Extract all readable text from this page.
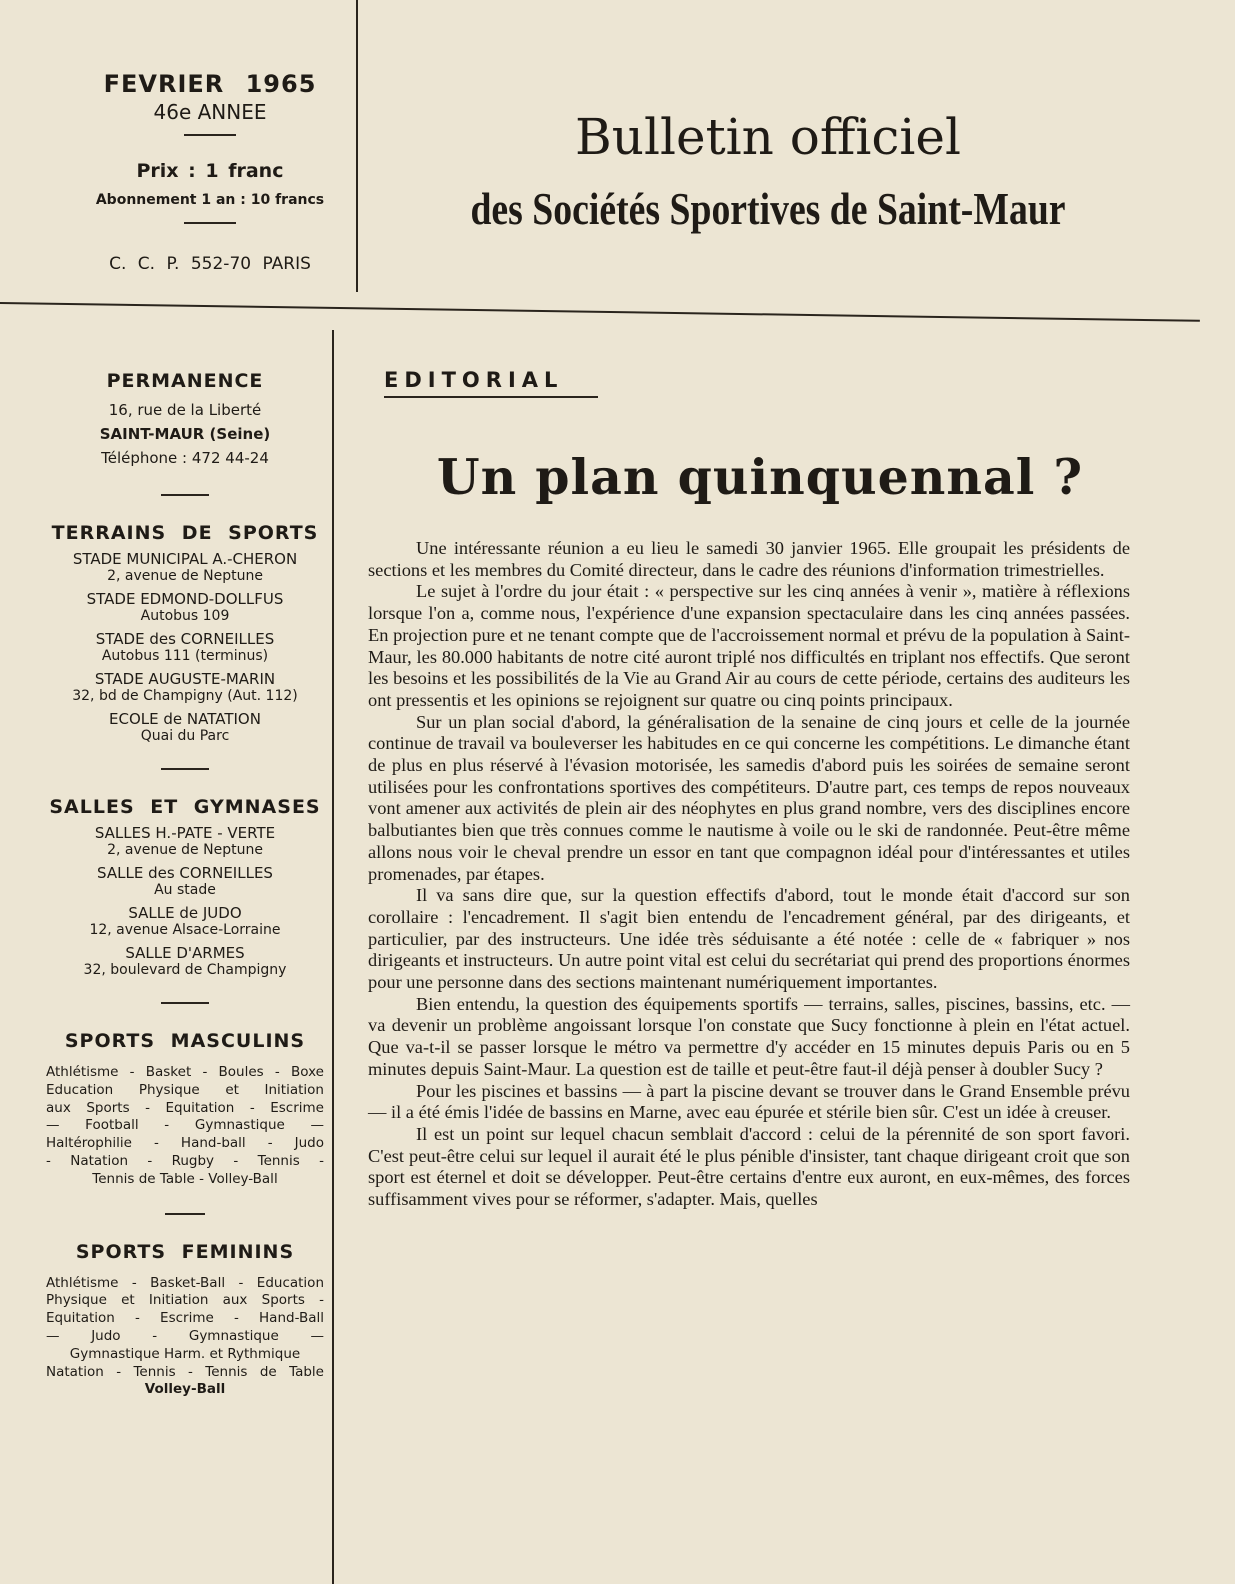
FEVRIER 1965
46e ANNEE
Prix : 1 franc
Abonnement 1 an : 10 francs
C. C. P. 552-70 PARIS
Bulletin officiel
des Sociétés Sportives de Saint-Maur
PERMANENCE
16, rue de la Liberté
SAINT-MAUR (Seine)
Téléphone : 472 44-24
TERRAINS DE SPORTS
STADE MUNICIPAL A.-CHERON
2, avenue de Neptune
STADE EDMOND-DOLLFUS
Autobus 109
STADE des CORNEILLES
Autobus 111 (terminus)
STADE AUGUSTE-MARIN
32, bd de Champigny (Aut. 112)
ECOLE de NATATION
Quai du Parc
SALLES ET GYMNASES
SALLES H.-PATE - VERTE
2, avenue de Neptune
SALLE des CORNEILLES
Au stade
SALLE de JUDO
12, avenue Alsace-Lorraine
SALLE D'ARMES
32, boulevard de Champigny
SPORTS MASCULINS
Athlétisme - Basket - Boules - Boxe
Education Physique et Initiation
aux Sports - Equitation - Escrime
— Football - Gymnastique —
Haltérophilie - Hand-ball - Judo
- Natation - Rugby - Tennis -
Tennis de Table - Volley-Ball
SPORTS FEMININS
Athlétisme - Basket-Ball - Education
Physique et Initiation aux Sports -
Equitation - Escrime - Hand-Ball
— Judo - Gymnastique —
Gymnastique Harm. et Rythmique
Natation - Tennis - Tennis de Table
Volley-Ball
EDITORIAL
Un plan quinquennal ?

Une intéressante réunion a eu lieu le samedi 30 janvier 1965. Elle groupait les présidents de sections et les membres du Comité directeur, dans le cadre des réunions d'information trimestrielles.

Le sujet à l'ordre du jour était : « perspective sur les cinq années à venir », matière à réflexions lorsque l'on a, comme nous, l'expérience d'une expansion spectaculaire dans les cinq années passées. En projection pure et ne tenant compte que de l'accroissement normal et prévu de la population à Saint-Maur, les 80.000 habitants de notre cité auront triplé nos difficultés en triplant nos effectifs. Que seront les besoins et les possibilités de la Vie au Grand Air au cours de cette période, certains des auditeurs les ont pressentis et les opinions se rejoignent sur quatre ou cinq points principaux.

Sur un plan social d'abord, la généralisation de la senaine de cinq jours et celle de la journée continue de travail va bouleverser les habitudes en ce qui concerne les compétitions. Le dimanche étant de plus en plus réservé à l'évasion motorisée, les samedis d'abord puis les soirées de semaine seront utilisées pour les confrontations sportives des compétiteurs. D'autre part, ces temps de repos nouveaux vont amener aux activités de plein air des néophytes en plus grand nombre, vers des disciplines encore balbutiantes bien que très connues comme le nautisme à voile ou le ski de randonnée. Peut-être même allons nous voir le cheval prendre un essor en tant que compagnon idéal pour d'intéressantes et utiles promenades, par étapes.

Il va sans dire que, sur la question effectifs d'abord, tout le monde était d'accord sur son corollaire : l'encadrement. Il s'agit bien entendu de l'encadrement général, par des dirigeants, et particulier, par des instructeurs. Une idée très séduisante a été notée : celle de « fabriquer » nos dirigeants et instructeurs. Un autre point vital est celui du secrétariat qui prend des proportions énormes pour une personne dans des sections maintenant numériquement importantes.

Bien entendu, la question des équipements sportifs — terrains, salles, piscines, bassins, etc. — va devenir un problème angoissant lorsque l'on constate que Sucy fonctionne à plein en l'état actuel. Que va-t-il se passer lorsque le métro va permettre d'y accéder en 15 minutes depuis Paris ou en 5 minutes depuis Saint-Maur. La question est de taille et peut-être faut-il déjà penser à doubler Sucy ?

Pour les piscines et bassins — à part la piscine devant se trouver dans le Grand Ensemble prévu — il a été émis l'idée de bassins en Marne, avec eau épurée et stérile bien sûr. C'est un idée à creuser.

Il est un point sur lequel chacun semblait d'accord : celui de la pérennité de son sport favori. C'est peut-être celui sur lequel il aurait été le plus pénible d'insister, tant chaque dirigeant croit que son sport est éternel et doit se développer. Peut-être certains d'entre eux auront, en eux-mêmes, des forces suffisamment vives pour se réformer, s'adapter. Mais, quelles
